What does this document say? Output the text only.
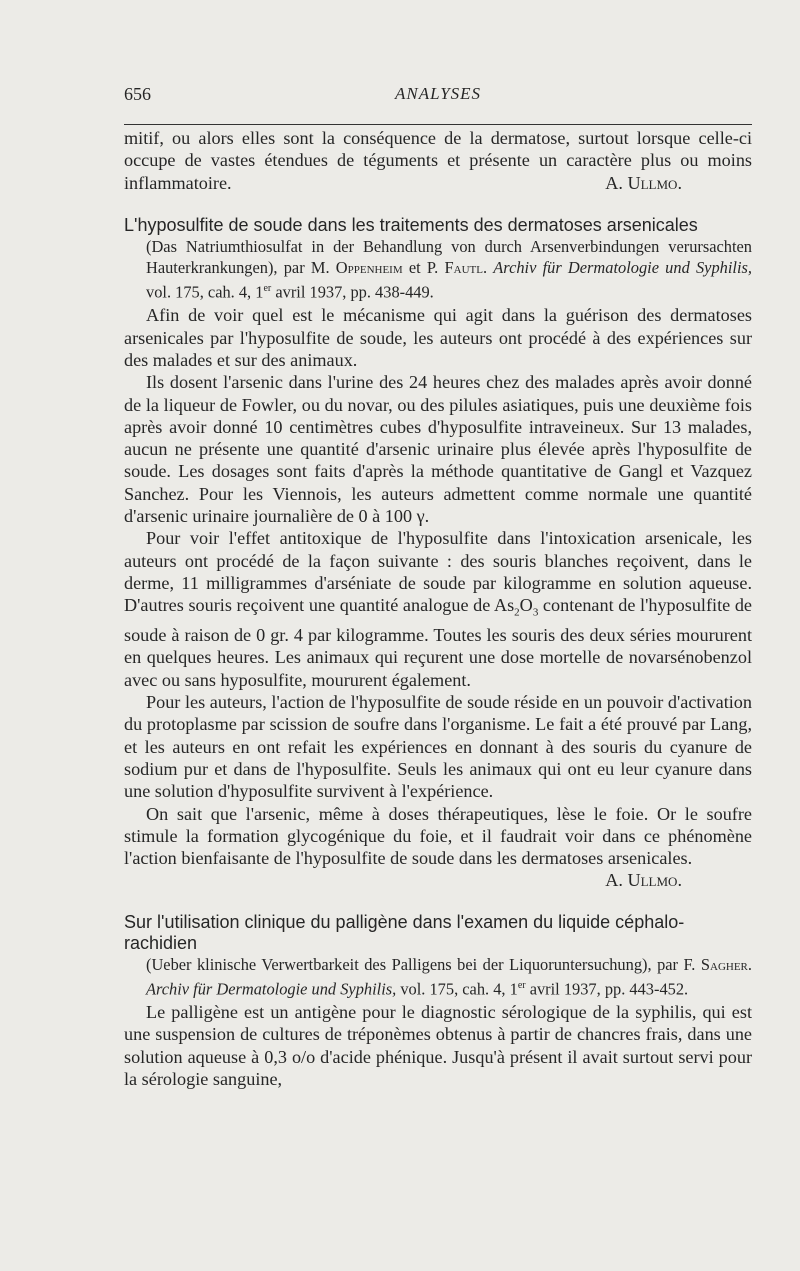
656	ANALYSES

mitif, ou alors elles sont la conséquence de la dermatose, surtout lorsque celle-ci occupe de vastes étendues de téguments et présente un caractère plus ou moins inflammatoire.	A. Ullmo.

L'hyposulfite de soude dans les traitements des dermatoses arsenicales
(Das Natriumthiosulfat in der Behandlung von durch Arsenverbindungen verursachten Hauterkrankungen), par M. Oppenheim et P. Fautl. Archiv für Dermatologie und Syphilis, vol. 175, cah. 4, 1er avril 1937, pp. 438-449.

Afin de voir quel est le mécanisme qui agit dans la guérison des dermatoses arsenicales par l'hyposulfite de soude, les auteurs ont procédé à des expériences sur des malades et sur des animaux.

Ils dosent l'arsenic dans l'urine des 24 heures chez des malades après avoir donné de la liqueur de Fowler, ou du novar, ou des pilules asiatiques, puis une deuxième fois après avoir donné 10 centimètres cubes d'hyposulfite intraveineux. Sur 13 malades, aucun ne présente une quantité d'arsenic urinaire plus élevée après l'hyposulfite de soude. Les dosages sont faits d'après la méthode quantitative de Gangl et Vazquez Sanchez. Pour les Viennois, les auteurs admettent comme normale une quantité d'arsenic urinaire journalière de 0 à 100 γ.

Pour voir l'effet antitoxique de l'hyposulfite dans l'intoxication arsenicale, les auteurs ont procédé de la façon suivante : des souris blanches reçoivent, dans le derme, 11 milligrammes d'arséniate de soude par kilogramme en solution aqueuse. D'autres souris reçoivent une quantité analogue de $As_2O_3$ contenant de l'hyposulfite de soude à raison de 0 gr. 4 par kilogramme. Toutes les souris des deux séries moururent en quelques heures. Les animaux qui reçurent une dose mortelle de novarsénobenzol avec ou sans hyposulfite, moururent également.

Pour les auteurs, l'action de l'hyposulfite de soude réside en un pouvoir d'activation du protoplasme par scission de soufre dans l'organisme. Le fait a été prouvé par Lang, et les auteurs en ont refait les expériences en donnant à des souris du cyanure de sodium pur et dans de l'hyposulfite. Seuls les animaux qui ont eu leur cyanure dans une solution d'hyposulfite survivent à l'expérience.

On sait que l'arsenic, même à doses thérapeutiques, lèse le foie. Or le soufre stimule la formation glycogénique du foie, et il faudrait voir dans ce phénomène l'action bienfaisante de l'hyposulfite de soude dans les dermatoses arsenicales.
A. Ullmo.

Sur l'utilisation clinique du palligène dans l'examen du liquide céphalo-rachidien
(Ueber klinische Verwertbarkeit des Palligens bei der Liquoruntersuchung), par F. Sagher. Archiv für Dermatologie und Syphilis, vol. 175, cah. 4, 1er avril 1937, pp. 443-452.

Le palligène est un antigène pour le diagnostic sérologique de la syphilis, qui est une suspension de cultures de tréponèmes obtenus à partir de chancres frais, dans une solution aqueuse à 0,3 o/o d'acide phénique. Jusqu'à présent il avait surtout servi pour la sérologie sanguine,
